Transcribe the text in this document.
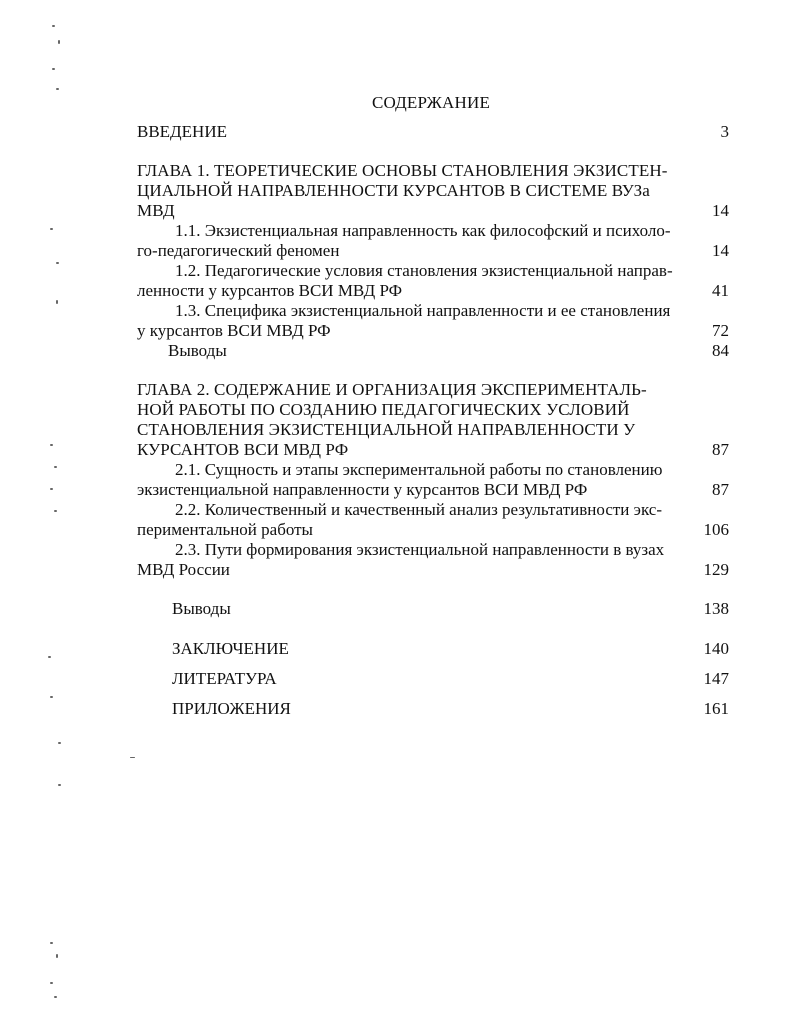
СОДЕРЖАНИЕ
ВВЕДЕНИЕ	3
ГЛАВА 1. ТЕОРЕТИЧЕСКИЕ ОСНОВЫ СТАНОВЛЕНИЯ ЭКЗИСТЕН-
ЦИАЛЬНОЙ НАПРАВЛЕННОСТИ КУРСАНТОВ В СИСТЕМЕ ВУЗа
МВД	14
1.1. Экзистенциальная направленность как философский и психоло-
го-педагогический феномен	14
1.2. Педагогические условия становления экзистенциальной направ-
ленности у курсантов ВСИ МВД РФ	41
1.3. Специфика экзистенциальной направленности и ее становления
у курсантов ВСИ МВД РФ	72
Выводы	84
ГЛАВА 2. СОДЕРЖАНИЕ И ОРГАНИЗАЦИЯ ЭКСПЕРИМЕНТАЛЬ-
НОЙ РАБОТЫ ПО СОЗДАНИЮ ПЕДАГОГИЧЕСКИХ УСЛОВИЙ
СТАНОВЛЕНИЯ ЭКЗИСТЕНЦИАЛЬНОЙ НАПРАВЛЕННОСТИ У
КУРСАНТОВ ВСИ МВД РФ	87
2.1. Сущность и этапы экспериментальной работы по становлению
экзистенциальной направленности у курсантов ВСИ МВД РФ	87
2.2. Количественный и качественный анализ результативности экс-
периментальной работы	106
2.3. Пути формирования экзистенциальной направленности в вузах
МВД России	129
Выводы	138
ЗАКЛЮЧЕНИЕ	140
ЛИТЕРАТУРА	147
ПРИЛОЖЕНИЯ	161
